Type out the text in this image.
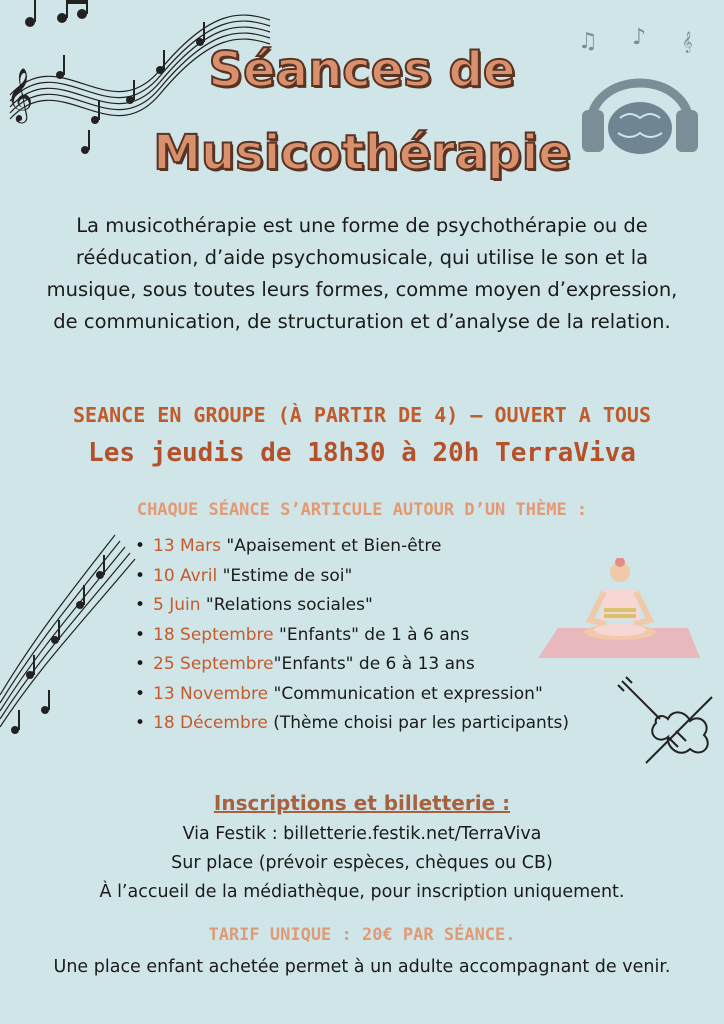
𝄞
♫ ♪ 𝄞
Séances de
Musicothérapie
La musicothérapie est une forme de psychothérapie ou de
rééducation, d’aide psychomusicale, qui utilise le son et la
musique, sous toutes leurs formes, comme moyen d’expression,
de communication, de structuration et d’analyse de la relation.
SEANCE EN GROUPE (À PARTIR DE 4) – OUVERT A TOUS
Les jeudis de 18h30 à 20h TerraViva
CHAQUE SÉANCE S’ARTICULE AUTOUR D’UN THÈME :
• 13 Mars "Apaisement et Bien-être
• 10 Avril "Estime de soi"
• 5 Juin "Relations sociales"
• 18 Septembre "Enfants" de 1 à 6 ans
• 25 Septembre"Enfants" de 6 à 13 ans
• 13 Novembre "Communication et expression"
• 18 Décembre (Thème choisi par les participants)
Inscriptions et billetterie :
Via Festik : billetterie.festik.net/TerraViva
Sur place (prévoir espèces, chèques ou CB)
À l’accueil de la médiathèque, pour inscription uniquement.
TARIF UNIQUE : 20€ PAR SÉANCE.
Une place enfant achetée permet à un adulte accompagnant de venir.
